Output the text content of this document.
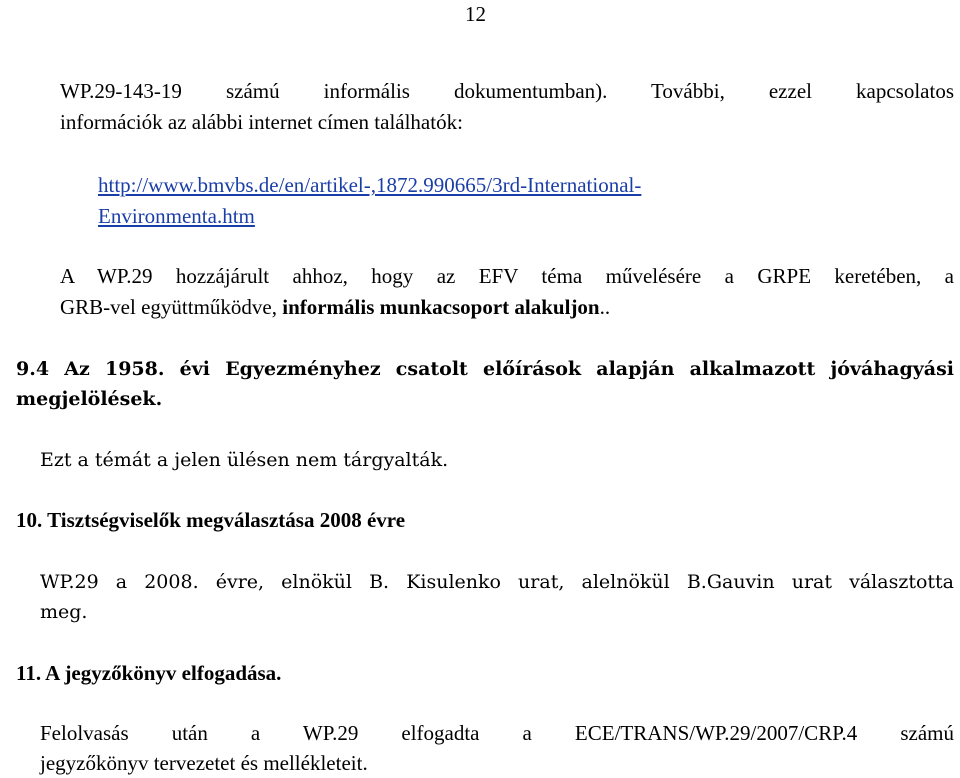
12
WP.29-143-19 számú informális dokumentumban). További, ezzel kapcsolatos
információk az alábbi internet címen találhatók:
http://www.bmvbs.de/en/artikel-,1872.990665/3rd-International-
Environmenta.htm
A WP.29 hozzájárult ahhoz, hogy az EFV téma művelésére a GRPE keretében, a
GRB-vel együttműködve, informális munkacsoport alakuljon..
9.4 Az 1958. évi Egyezményhez csatolt előírások alapján alkalmazott jóváhagyási
megjelölések.
Ezt a témát a jelen ülésen nem tárgyalták.
10. Tisztségviselők megválasztása 2008 évre
WP.29 a 2008. évre, elnökül B. Kisulenko urat, alelnökül B.Gauvin urat választotta
meg.
11. A jegyzőkönyv elfogadása.
Felolvasás után a WP.29 elfogadta a ECE/TRANS/WP.29/2007/CRP.4 számú
jegyzőkönyv tervezetet és mellékleteit.
